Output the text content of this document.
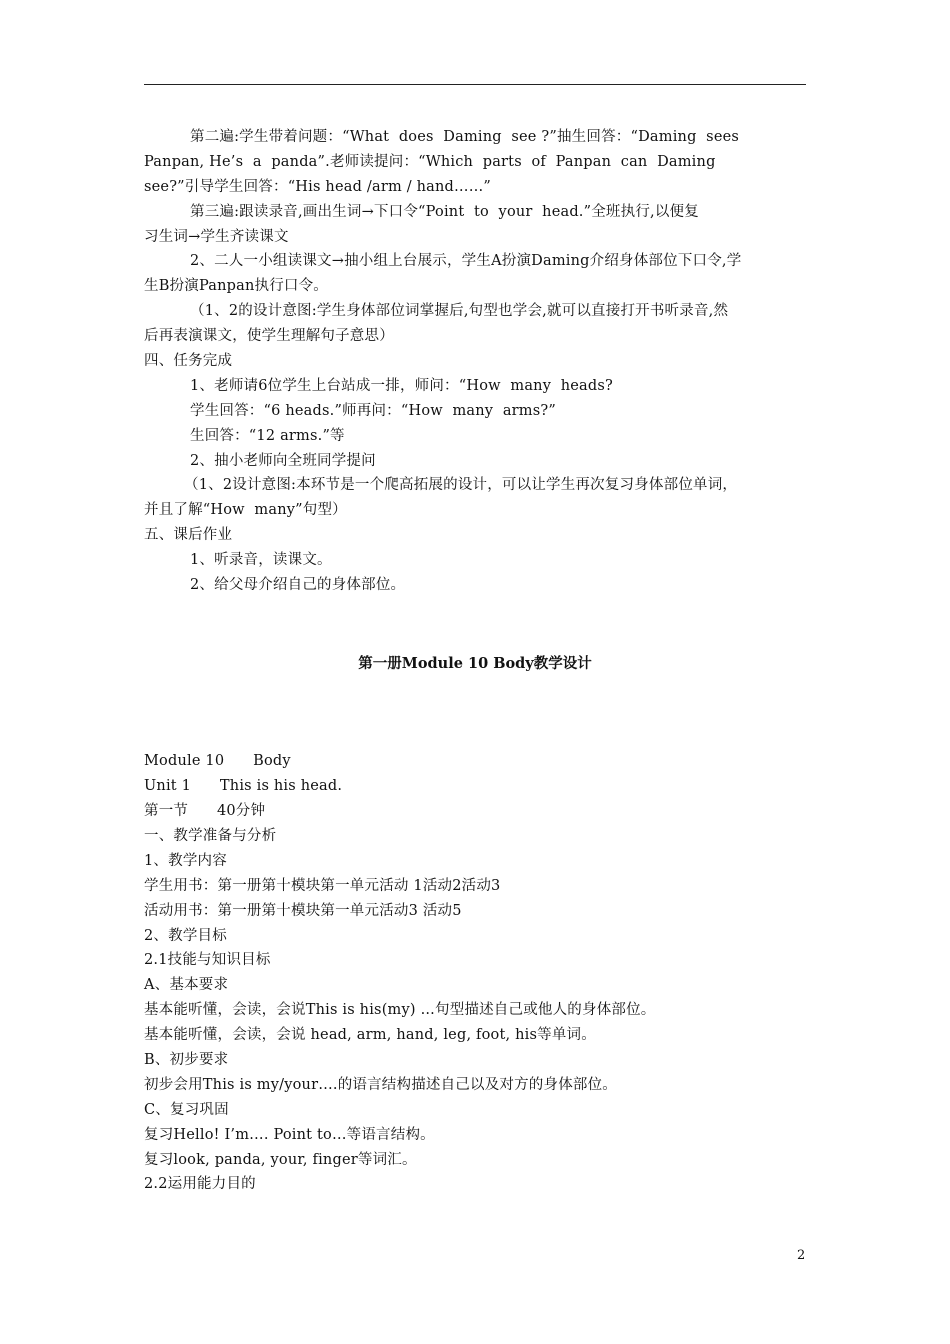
第二遍:学生带着问题：“What  does  Daming  see ?”抽生回答：“Daming  sees
Panpan, He’s  a  panda”.老师读提问：“Which  parts  of  Panpan  can  Daming
see?”引导学生回答：“His head /arm / hand……”
第三遍:跟读录音,画出生词→下口令“Point  to  your  head.”全班执行,以便复
习生词→学生齐读课文
2、二人一小组读课文→抽小组上台展示，学生A扮演Daming介绍身体部位下口令,学
生B扮演Panpan执行口令。
（1、2的设计意图:学生身体部位词掌握后,句型也学会,就可以直接打开书听录音,然
后再表演课文，使学生理解句子意思）
四、任务完成
1、老师请6位学生上台站成一排，师问：“How  many  heads?
学生回答：“6 heads.”师再问：“How  many  arms?”
生回答：“12 arms.”等
2、抽小老师向全班同学提问
（1、2设计意图:本环节是一个爬高拓展的设计，可以让学生再次复习身体部位单词，
并且了解“How  many”句型）
五、课后作业
1、听录音，读课文。
2、给父母介绍自己的身体部位。
第一册Module 10 Body教学设计
Module 10      Body
Unit 1      This is his head.
第一节      40分钟
一、教学准备与分析
1、教学内容
学生用书：第一册第十模块第一单元活动 1活动2活动3
活动用书：第一册第十模块第一单元活动3 活动5
2、教学目标
2.1技能与知识目标
A、基本要求
基本能听懂，会读，会说This is his(my) ...句型描述自己或他人的身体部位。
基本能听懂，会读，会说 head, arm, hand, leg, foot, his等单词。
B、初步要求
初步会用This is my/your….的语言结构描述自己以及对方的身体部位。
C、复习巩固
复习Hello! I’m…. Point to…等语言结构。
复习look, panda, your, finger等词汇。
2.2运用能力目的
2
